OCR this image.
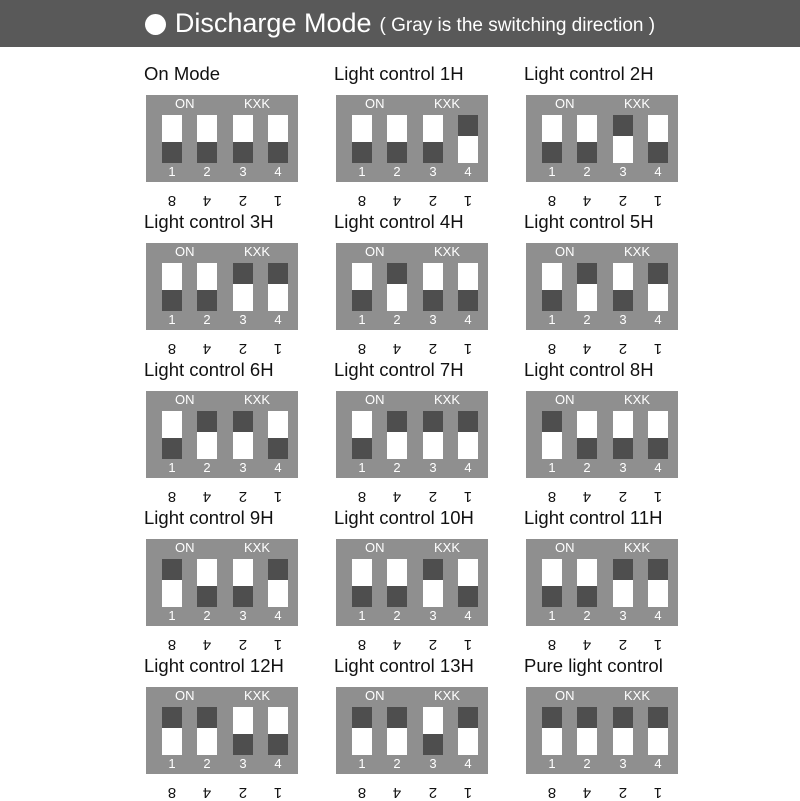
Discharge Mode ( Gray is the switching direction )
On Mode
ON	KXK
1	2	3	4
8	4	2	1
Light control 1H
ON	KXK
1	2	3	4
8	4	2	1
Light control 2H
ON	KXK
1	2	3	4
8	4	2	1
Light control 3H
ON	KXK
1	2	3	4
8	4	2	1
Light control 4H
ON	KXK
1	2	3	4
8	4	2	1
Light control 5H
ON	KXK
1	2	3	4
8	4	2	1
Light control 6H
ON	KXK
1	2	3	4
8	4	2	1
Light control 7H
ON	KXK
1	2	3	4
8	4	2	1
Light control 8H
ON	KXK
1	2	3	4
8	4	2	1
Light control 9H
ON	KXK
1	2	3	4
8	4	2	1
Light control 10H
ON	KXK
1	2	3	4
8	4	2	1
Light control 11H
ON	KXK
1	2	3	4
8	4	2	1
Light control 12H
ON	KXK
1	2	3	4
8	4	2	1
Light control 13H
ON	KXK
1	2	3	4
8	4	2	1
Pure light control
ON	KXK
1	2	3	4
8	4	2	1
